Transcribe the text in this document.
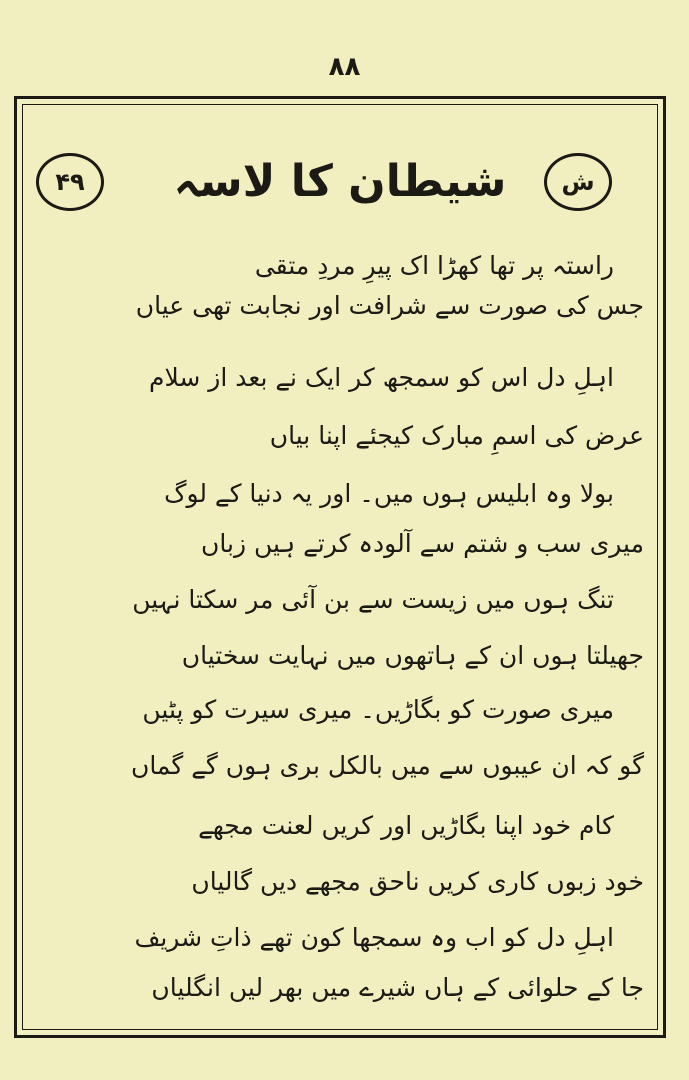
۸۸
۴۹	ش
شیطان کا لاسہ
راستہ پر تھا کھڑا اک پیرِ مردِ متقی
جس کی صورت سے شرافت اور نجابت تھی عیاں
اہلِ دل اس کو سمجھ کر ایک نے بعد از سلام
عرض کی اسمِ مبارک کیجئے اپنا بیاں
بولا وہ ابلیس ہوں میں۔ اور یہ دنیا کے لوگ
میری سب و شتم سے آلودہ کرتے ہیں زباں
تنگ ہوں میں زیست سے بن آئی مر سکتا نہیں
جھیلتا ہوں ان کے ہاتھوں میں نہایت سختیاں
میری صورت کو بگاڑیں۔ میری سیرت کو پٹیں
گو کہ ان عیبوں سے میں بالکل بری ہوں گے گماں
کام خود اپنا بگاڑیں اور کریں لعنت مجھے
خود زبوں کاری کریں ناحق مجھے دیں گالیاں
اہلِ دل کو اب وہ سمجھا کون تھے ذاتِ شریف
جا کے حلوائی کے ہاں شیرے میں بھر لیں انگلیاں
